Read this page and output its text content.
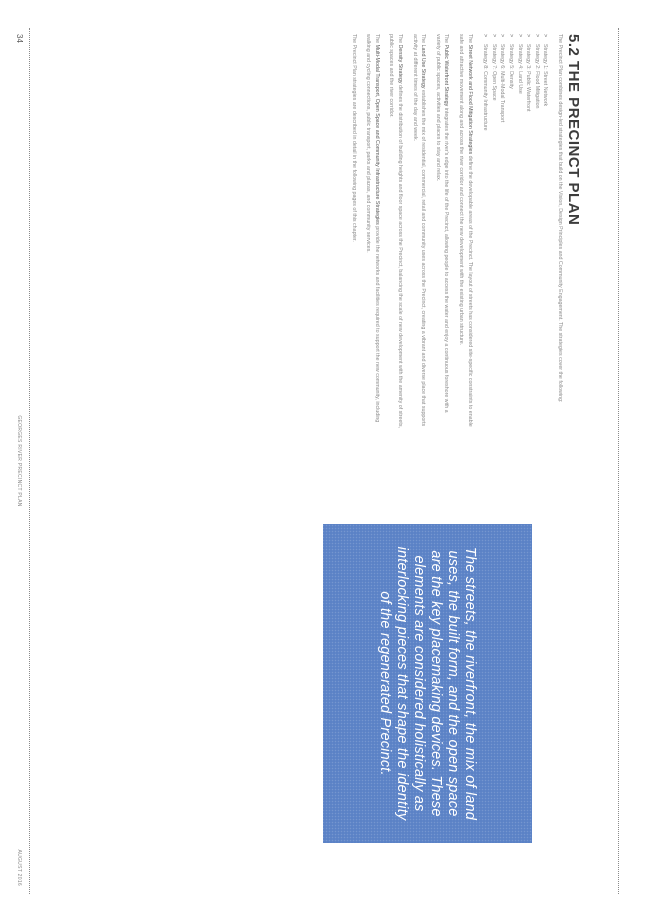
5.2 THE PRECINCT PLAN

The Precinct Plan combines design-led strategies that build on the Vision, Design Principles and Community Engagement. The strategies cover the following:

>
Strategy 1: Street Network
>
Strategy 2: Flood Mitigation
>
Strategy 3: Public Waterfront
>
Strategy 4: Land Use
>
Strategy 5: Density
>
Strategy 6: Multi-Modal Transport
>
Strategy 7: Open Space
>
Strategy 8: Community Infrastructure

The Street Network and Flood Mitigation Strategies define the developable areas of the Precinct. The layout of streets has considered site-specific constraints to enable safe and attractive movement along and across the river corridor and connect the new development with the existing urban structure.

The Public Waterfront Strategy integrates the river's edge into the life of the Precinct, allowing people to access the water and enjoy a continuous foreshore with a variety of public spaces, activities and places to stay and relax.

The Land Use Strategy establishes the mix of residential, commercial, retail and community uses across the Precinct, creating a vibrant and diverse place that supports activity at different times of the day and week.

The Density Strategy defines the distribution of building heights and floor space across the Precinct, balancing the scale of new development with the amenity of streets, public spaces and the river corridor.

The Multi-Modal Transport, Open Space and Community Infrastructure Strategies provide the networks and facilities required to support the new community, including walking and cycling connections, public transport, parks and plazas, and community services.

The Precinct Plan strategies are described in detail in the following pages of this chapter.

The streets, the riverfront, the mix of land uses, the built form, and the open space are the key placemaking devices. These elements are considered holistically as interlocking pieces that shape the identity of the regenerated Precinct.

34
GEORGES RIVER PRECINCT PLAN
AUGUST 2016
